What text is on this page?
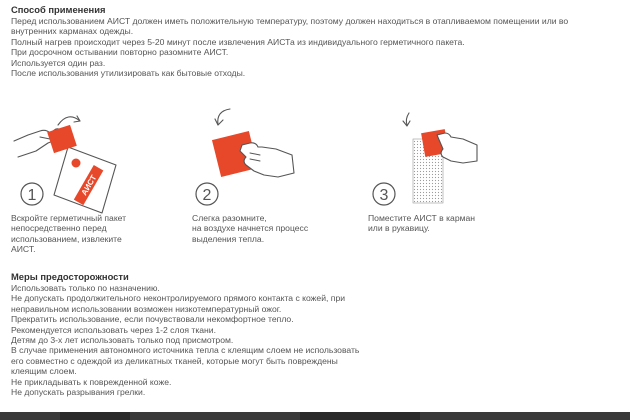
Способ применения
Перед использованием АИСТ должен иметь положительную температуру, поэтому должен находиться в отапливаемом помещении или во
внутренних карманах одежды.
Полный нагрев происходит через 5-20 минут после извлечения АИСТа из индивидуального герметичного пакета.
При досрочном остывании повторно разомните АИСТ.
Используется один раз.
После использования утилизировать как бытовые отходы.
АИСТ
1	2	3
Вскройте герметичный пакет
непосредственно перед
использованием, извлеките
АИСТ.
Слегка разомните,
на воздухе начнется процесс
выделения тепла.
Поместите АИСТ в карман
или в рукавицу.
Меры предосторожности
Использовать только по назначению.
Не допускать продолжительного неконтролируемого прямого контакта с кожей, при
неправильном использовании возможен низкотемпературный ожог.
Прекратить использование, если почувствовали некомфортное тепло.
Рекомендуется использовать через 1-2 слоя ткани.
Детям до 3-х лет использовать только под присмотром.
В случае применения автономного источника тепла с клеящим слоем не использовать
его совместно с одеждой из деликатных тканей, которые могут быть повреждены
клеящим слоем.
Не прикладывать к поврежденной коже.
Не допускать разрывания грелки.
